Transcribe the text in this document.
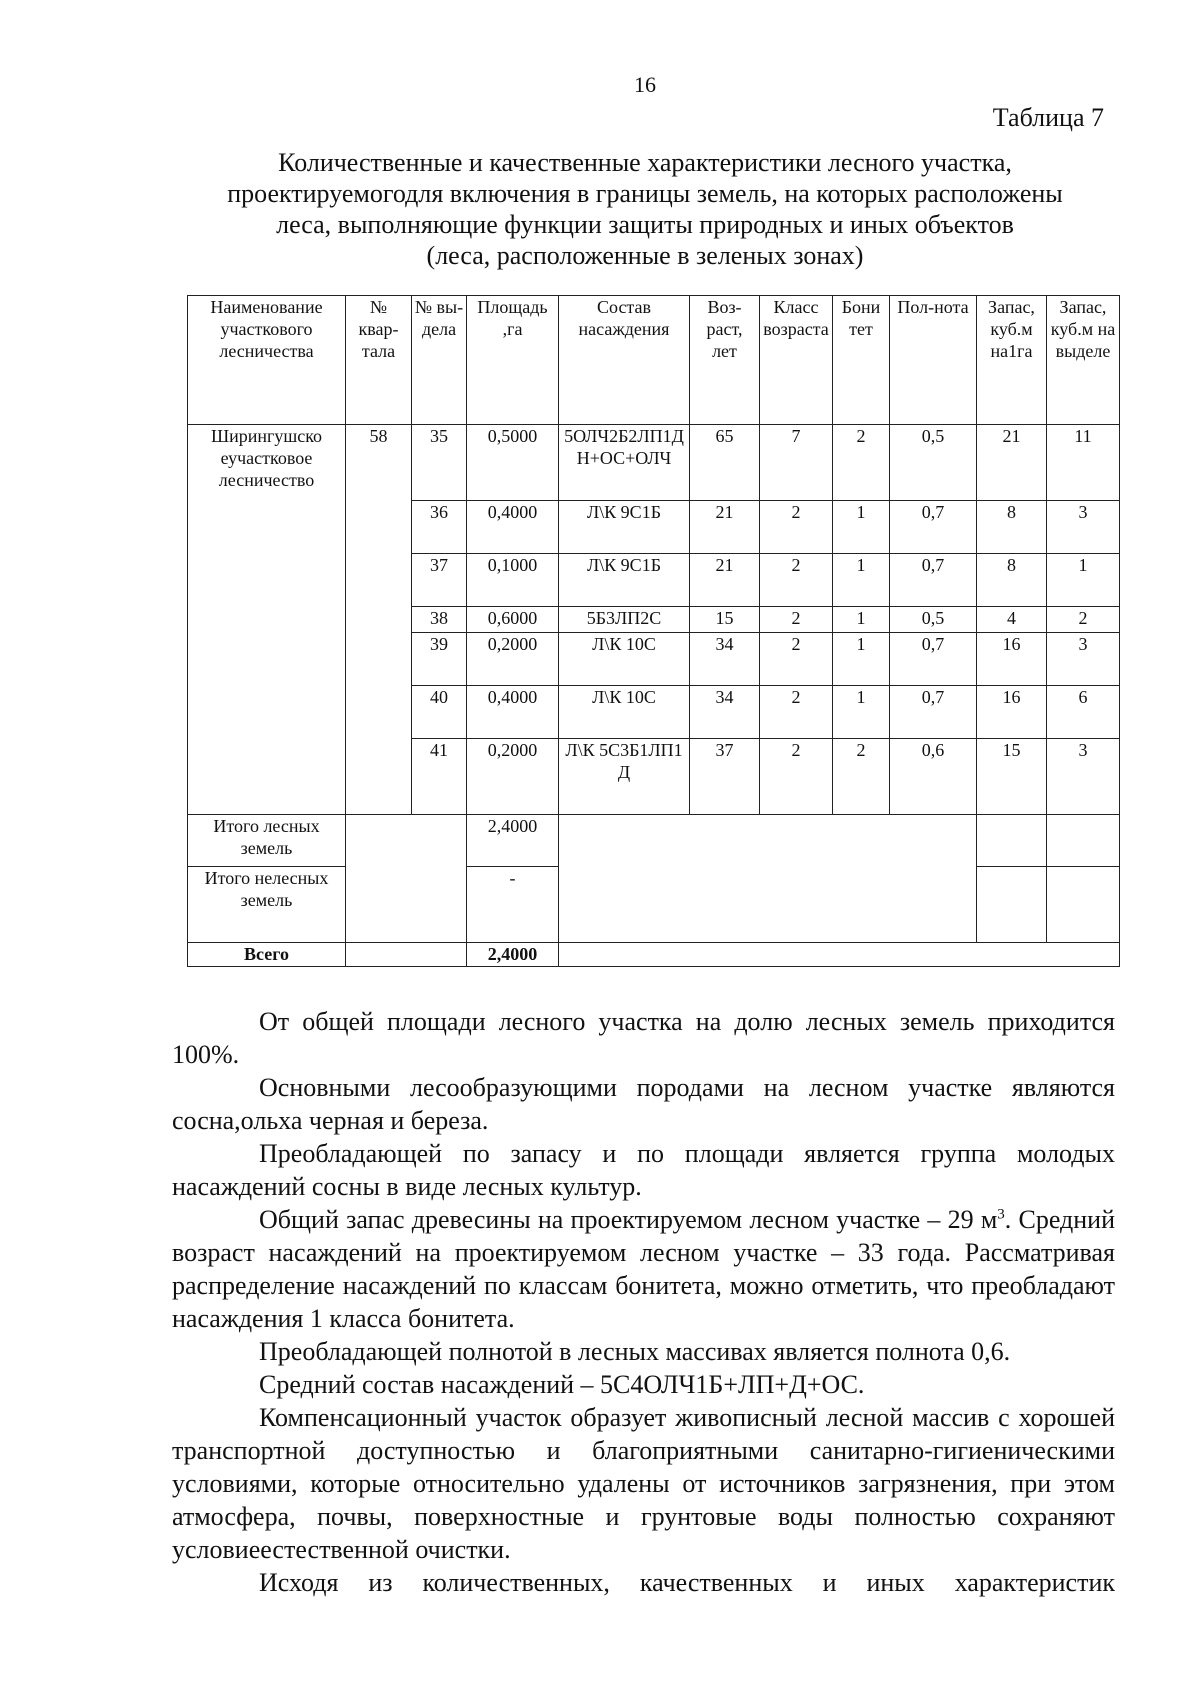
16
Таблица 7
Количественные и качественные характеристики лесного участка,
проектируемогодля включения в границы земель, на которых расположены
леса, выполняющие функции защиты природных и иных объектов
(леса, расположенные в зеленых зонах)
Наименование участкового лесничества	№ квар-тала	№ вы-дела	Площадь ,га	Состав насаждения	Воз-раст, лет	Класс возраста	Бони тет	Пол-нота	Запас, куб.м на1га	Запас, куб.м на выделе
Ширингушско еучастковое лесничество	58	35	0,5000	5ОЛЧ2Б2ЛП1Д Н+ОС+ОЛЧ	65	7	2	0,5	21	11
		36	0,4000	Л\К 9С1Б	21	2	1	0,7	8	3
		37	0,1000	Л\К 9С1Б	21	2	1	0,7	8	1
		38	0,6000	5Б3ЛП2С	15	2	1	0,5	4	2
		39	0,2000	Л\К 10С	34	2	1	0,7	16	3
		40	0,4000	Л\К 10С	34	2	1	0,7	16	6
		41	0,2000	Л\К 5С3Б1ЛП1 Д	37	2	2	0,6	15	3
Итого лесных земель			2,4000							
Итого нелесных земель			-							
Всего			2,4000							

От общей площади лесного участка на долю лесных земель приходится 100%.

Основными лесообразующими породами на лесном участке являются сосна,ольха черная и береза.

Преобладающей по запасу и по площади является группа молодых насаждений сосны в виде лесных культур.

Общий запас древесины на проектируемом лесном участке – 29 $м^3$. Средний возраст насаждений на проектируемом лесном участке – 33 года. Рассматривая распределение насаждений по классам бонитета, можно отметить, что преобладают насаждения 1 класса бонитета.

Преобладающей полнотой в лесных массивах является полнота 0,6.

Средний состав насаждений – 5С4ОЛЧ1Б+ЛП+Д+ОС.

Компенсационный участок образует живописный лесной массив с хорошей транспортной доступностью и благоприятными санитарно-гигиеническими условиями, которые относительно удалены от источников загрязнения, при этом атмосфера, почвы, поверхностные и грунтовые воды полностью сохраняют условиеестественной очистки.

Исходя из количественных, качественных и иных характеристик
